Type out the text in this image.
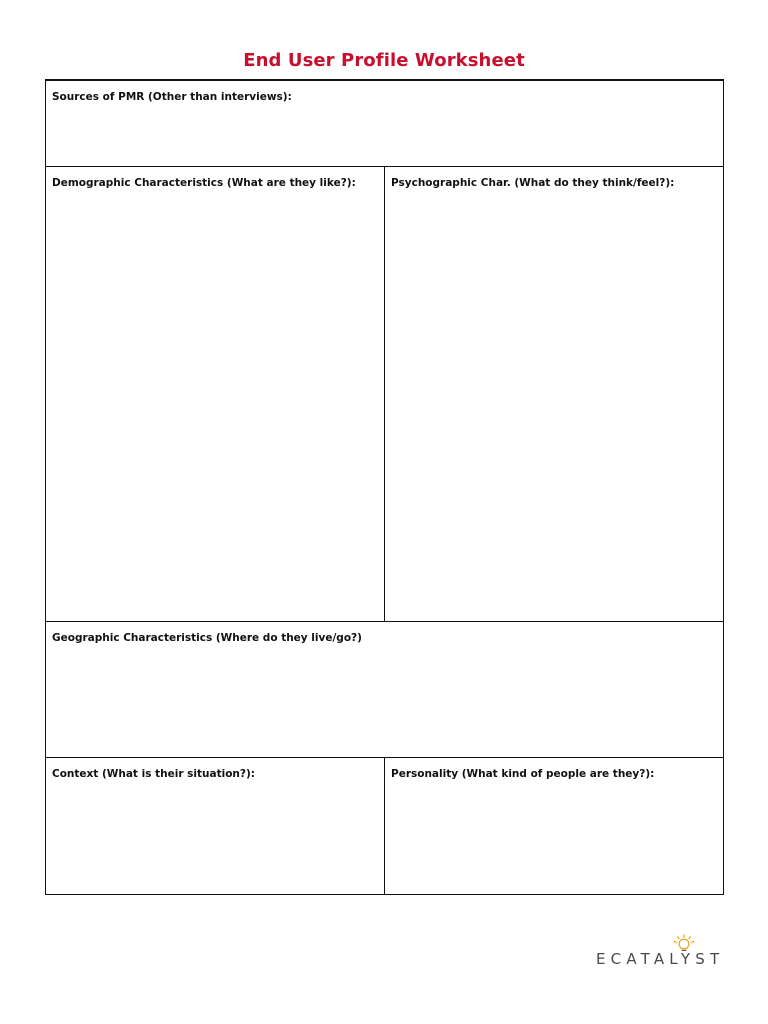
End User Profile Worksheet
Sources of PMR (Other than interviews):
Demographic Characteristics (What are they like?):	Psychographic Char. (What do they think/feel?):
Geographic Characteristics (Where do they live/go?)
Context (What is their situation?):	Personality (What kind of people are they?):
ECATALYST
